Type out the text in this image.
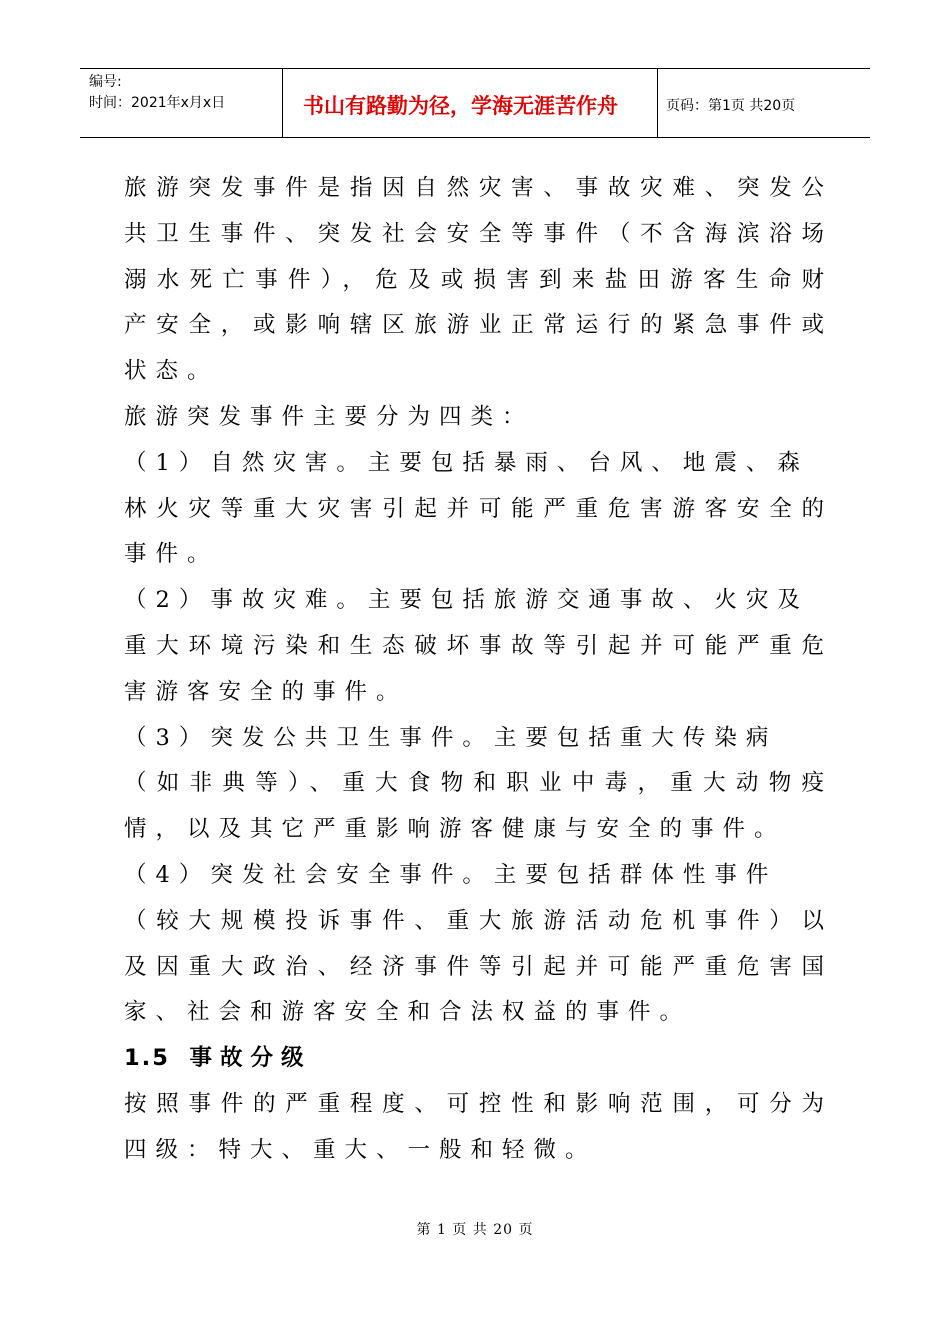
编号:
时间：2021年x月x日	书山有路勤为径，学海无涯苦作舟	页码：第1页 共20页
旅游突发事件是指因自然灾害、事故灾难、突发公
共卫生事件、突发社会安全等事件（不含海滨浴场
溺水死亡事件），危及或损害到来盐田游客生命财
产安全，或影响辖区旅游业正常运行的紧急事件或
状态。
旅游突发事件主要分为四类：
（1）自然灾害。主要包括暴雨、台风、地震、森
林火灾等重大灾害引起并可能严重危害游客安全的
事件。
（2）事故灾难。主要包括旅游交通事故、火灾及
重大环境污染和生态破坏事故等引起并可能严重危
害游客安全的事件。
（3）突发公共卫生事件。主要包括重大传染病
（如非典等）、重大食物和职业中毒，重大动物疫
情，以及其它严重影响游客健康与安全的事件。
（4）突发社会安全事件。主要包括群体性事件
（较大规模投诉事件、重大旅游活动危机事件）以
及因重大政治、经济事件等引起并可能严重危害国
家、社会和游客安全和合法权益的事件。
1.5 事故分级
按照事件的严重程度、可控性和影响范围，可分为
四级：特大、重大、一般和轻微。
第 1 页 共 20 页
